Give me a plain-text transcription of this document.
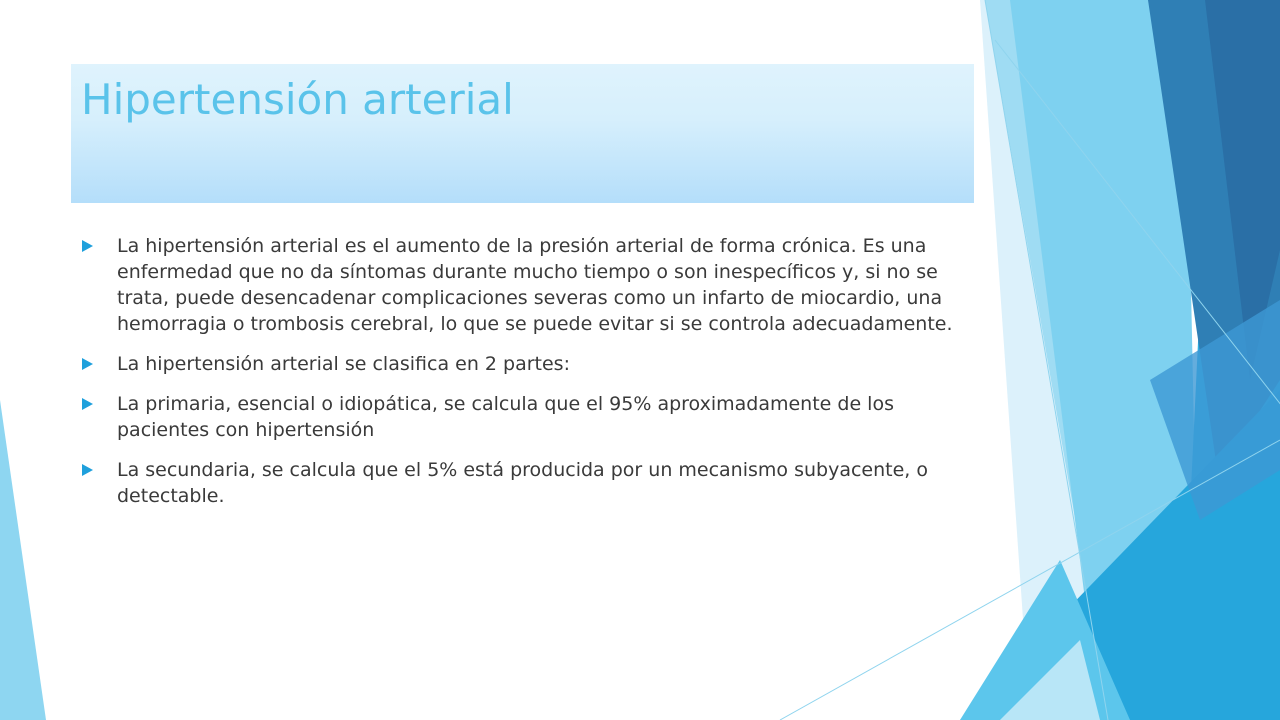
Hipertensión arterial
La hipertensión arterial es el aumento de la presión arterial de forma crónica. Es una enfermedad que no da síntomas durante mucho tiempo o son inespecíficos y, si no se trata, puede desencadenar complicaciones severas como un infarto de miocardio, una hemorragia o trombosis cerebral, lo que se puede evitar si se controla adecuadamente.
La hipertensión arterial se clasifica en 2 partes:
La primaria, esencial o idiopática, se calcula que el 95% aproximadamente de los pacientes con hipertensión
La secundaria, se calcula que el 5% está producida por un mecanismo subyacente, o detectable.
